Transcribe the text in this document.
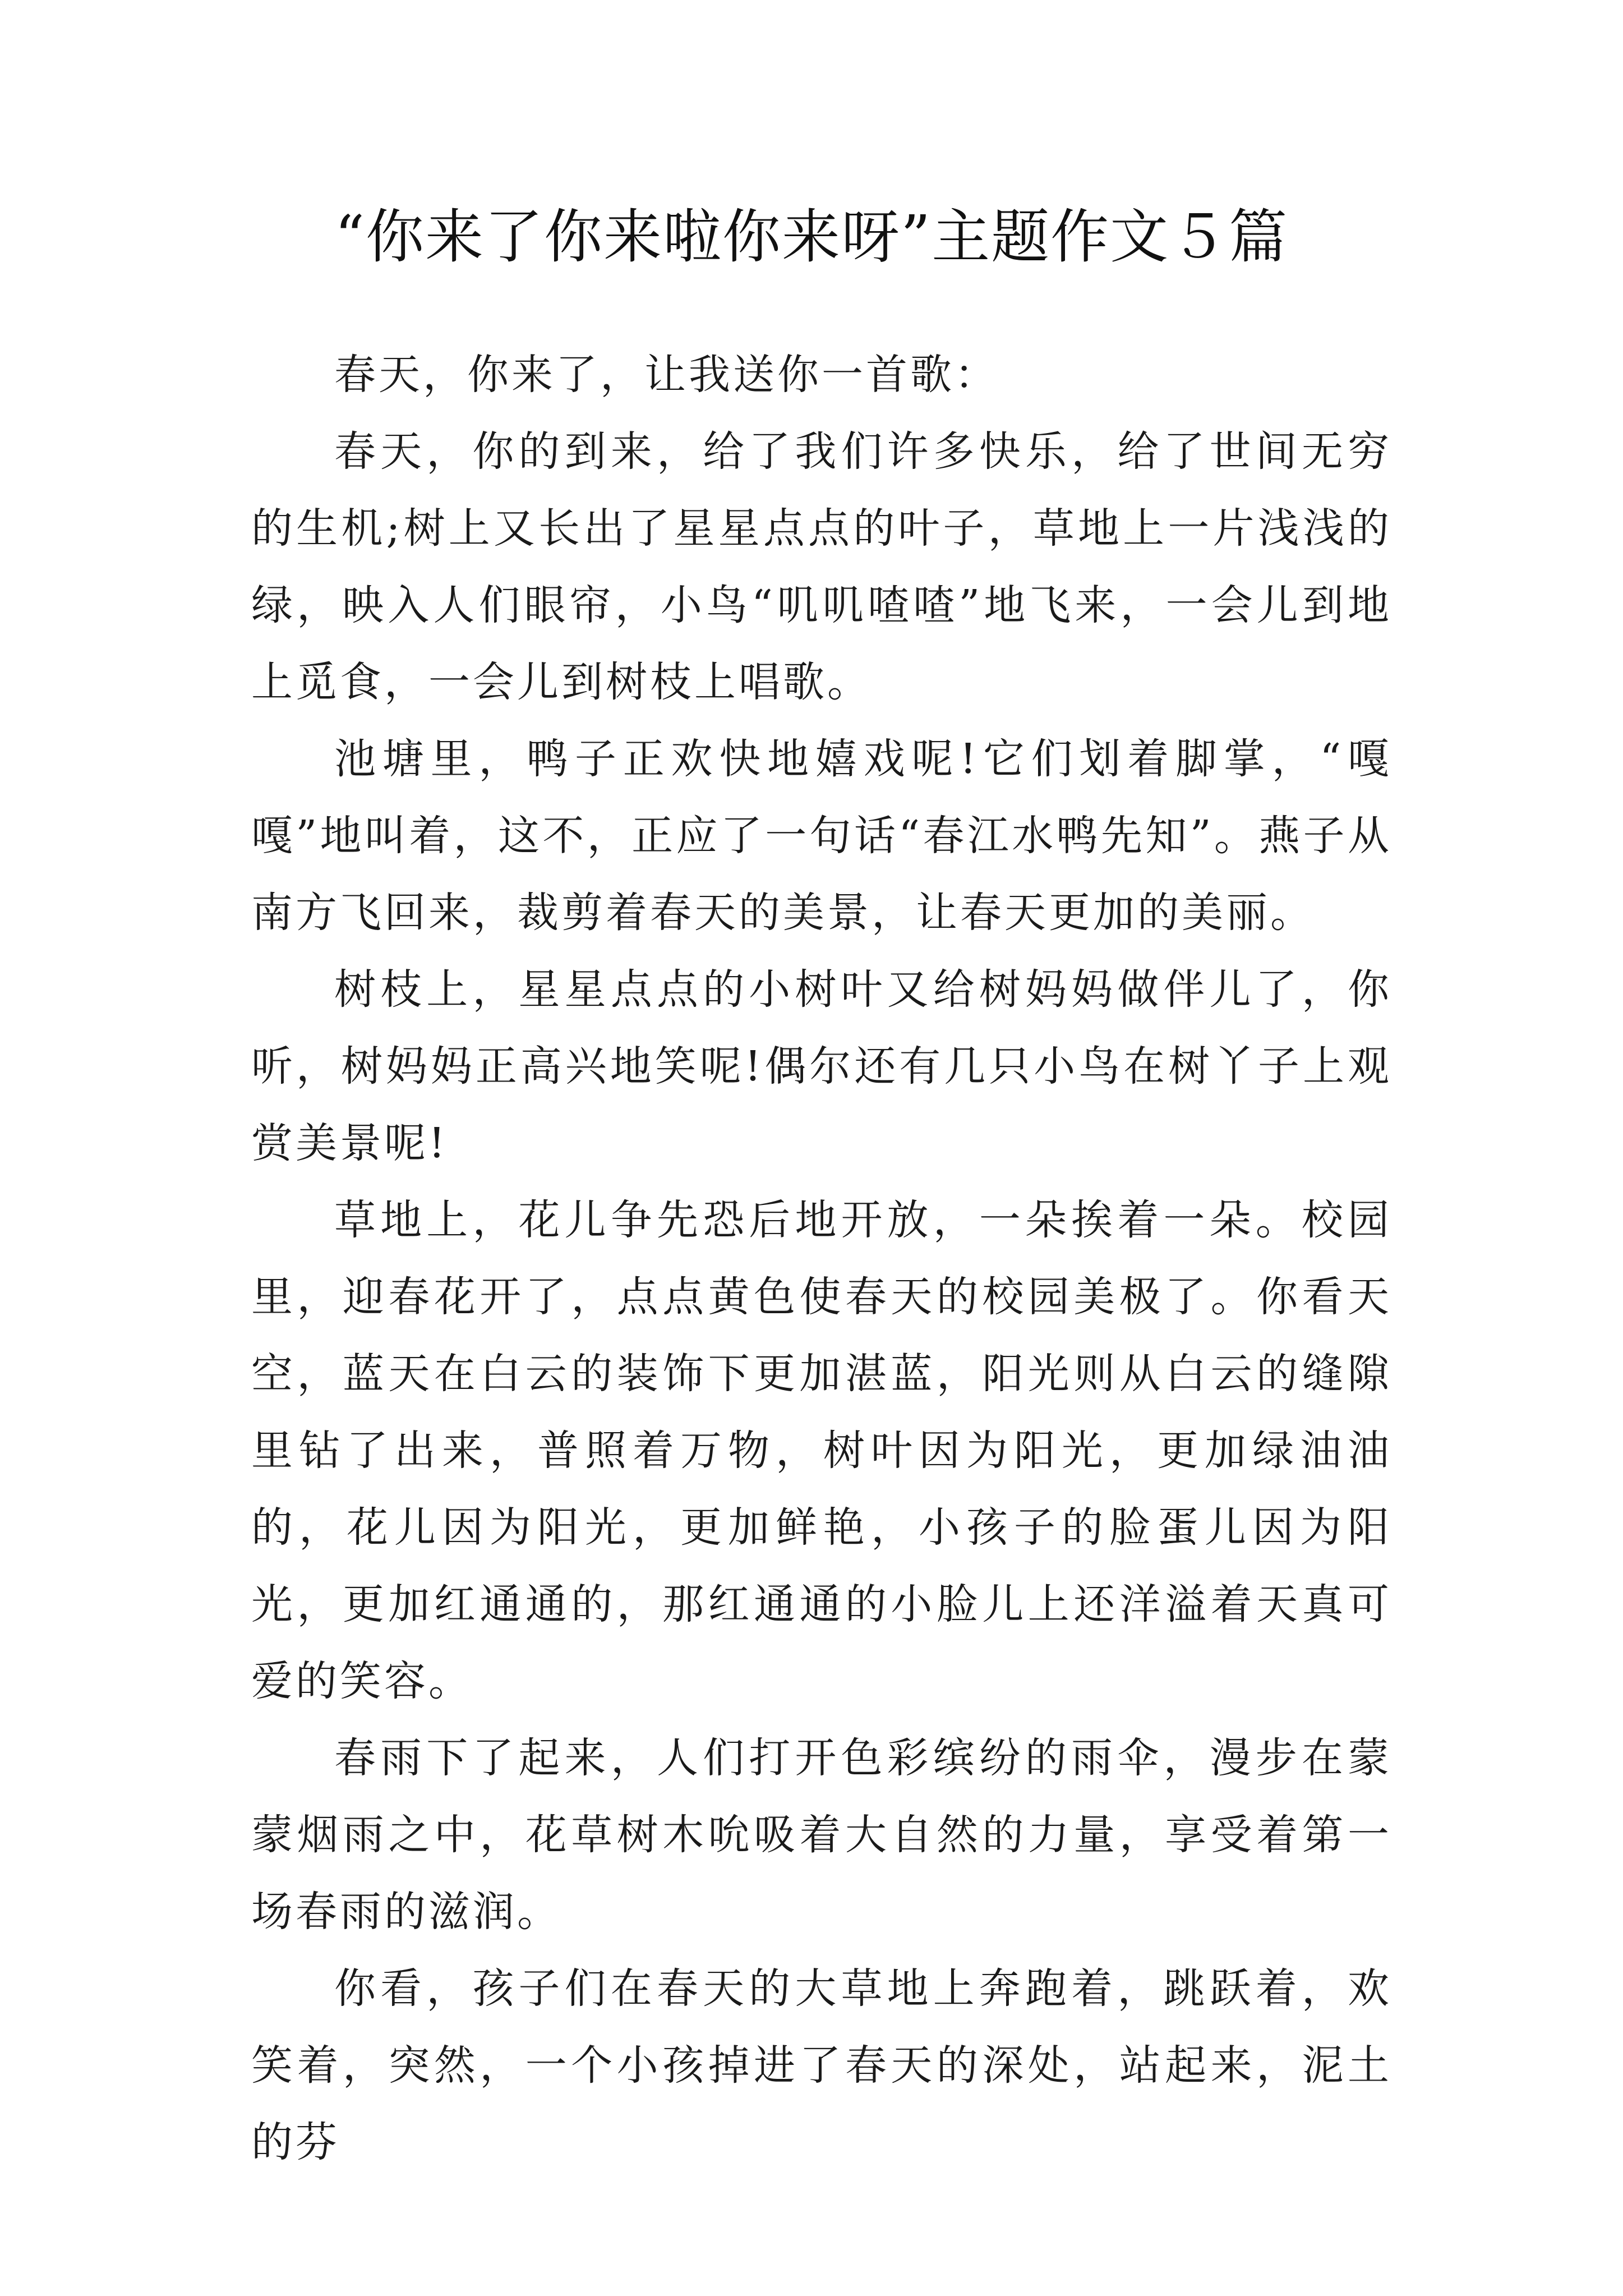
“你来了你来啦你来呀”主题作文５篇

春天，你来了，让我送你一首歌：

春天，你的到来，给了我们许多快乐，给了世间无穷的生机;树上又长出了星星点点的叶子，草地上一片浅浅的绿，映入人们眼帘，小鸟“叽叽喳喳”地飞来，一会儿到地上觅食，一会儿到树枝上唱歌。

池塘里，鸭子正欢快地嬉戏呢!它们划着脚掌，“嘎嘎”地叫着，这不，正应了一句话“春江水鸭先知”。燕子从南方飞回来，裁剪着春天的美景，让春天更加的美丽。

树枝上，星星点点的小树叶又给树妈妈做伴儿了，你听，树妈妈正高兴地笑呢!偶尔还有几只小鸟在树丫子上观赏美景呢!

草地上，花儿争先恐后地开放，一朵挨着一朵。校园里，迎春花开了，点点黄色使春天的校园美极了。你看天空，蓝天在白云的装饰下更加湛蓝，阳光则从白云的缝隙里钻了出来，普照着万物，树叶因为阳光，更加绿油油的，花儿因为阳光，更加鲜艳，小孩子的脸蛋儿因为阳光，更加红通通的，那红通通的小脸儿上还洋溢着天真可爱的笑容。

春雨下了起来，人们打开色彩缤纷的雨伞，漫步在蒙蒙烟雨之中，花草树木吮吸着大自然的力量，享受着第一场春雨的滋润。

你看，孩子们在春天的大草地上奔跑着，跳跃着，欢笑着，突然，一个小孩掉进了春天的深处，站起来，泥土的芬
